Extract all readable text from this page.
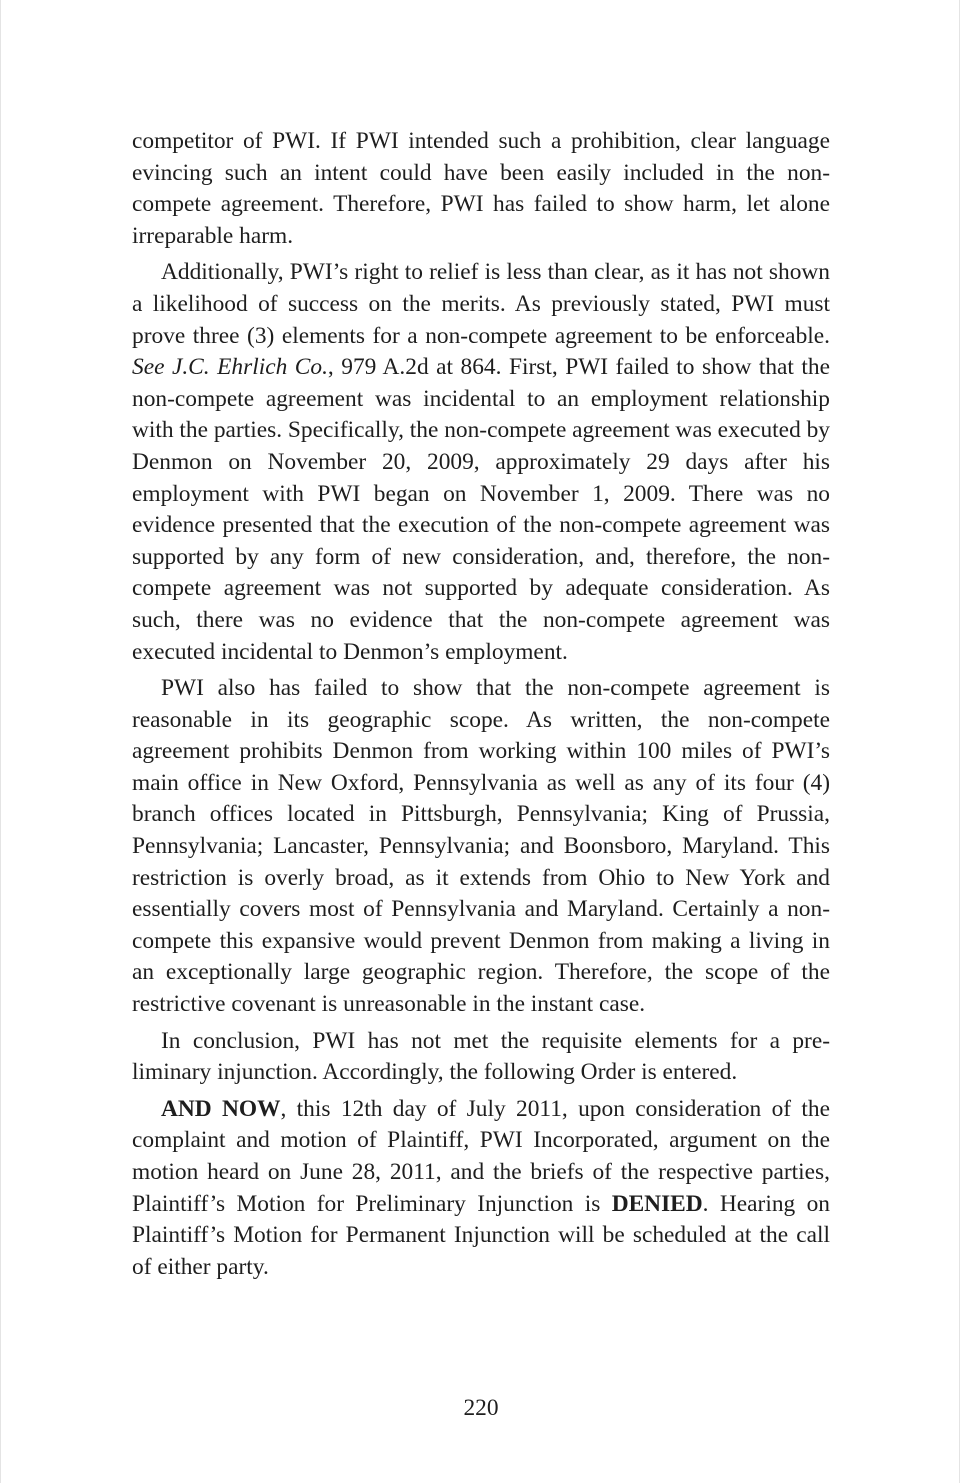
competitor of PWI. If PWI intended such a prohibition, clear language evincing such an intent could have been easily included in the non-compete agreement. Therefore, PWI has failed to show harm, let alone irreparable harm.

Additionally, PWI’s right to relief is less than clear, as it has not shown a likelihood of success on the merits. As previously stated, PWI must prove three (3) elements for a non-compete agreement to be enforceable. See J.C. Ehrlich Co., 979 A.2d at 864. First, PWI failed to show that the non-compete agreement was incidental to an employment relationship with the parties. Specifically, the non-compete agreement was executed by Denmon on November 20, 2009, approximately 29 days after his employment with PWI began on November 1, 2009. There was no evidence presented that the execution of the non-compete agreement was supported by any form of new consideration, and, therefore, the non-compete agreement was not supported by adequate consideration. As such, there was no evidence that the non-compete agreement was executed incidental to Denmon’s employment.

PWI also has failed to show that the non-compete agreement is reasonable in its geographic scope. As written, the non-compete agreement prohibits Denmon from working within 100 miles of PWI’s main office in New Oxford, Pennsylvania as well as any of its four (4) branch offices located in Pittsburgh, Pennsylvania; King of Prussia, Pennsylvania; Lancaster, Pennsylvania; and Boonsboro, Maryland. This restriction is overly broad, as it extends from Ohio to New York and essentially covers most of Pennsylvania and Maryland. Certainly a non-compete this expansive would prevent Denmon from making a living in an exceptionally large geographic region. Therefore, the scope of the restrictive covenant is unreasonable in the instant case.

In conclusion, PWI has not met the requisite elements for a preliminary injunction. Accordingly, the following Order is entered.

AND NOW, this 12th day of July 2011, upon consideration of the complaint and motion of Plaintiff, PWI Incorporated, argument on the motion heard on June 28, 2011, and the briefs of the respective parties, Plaintiff’s Motion for Preliminary Injunction is DENIED. Hearing on Plaintiff’s Motion for Permanent Injunction will be scheduled at the call of either party.

220
